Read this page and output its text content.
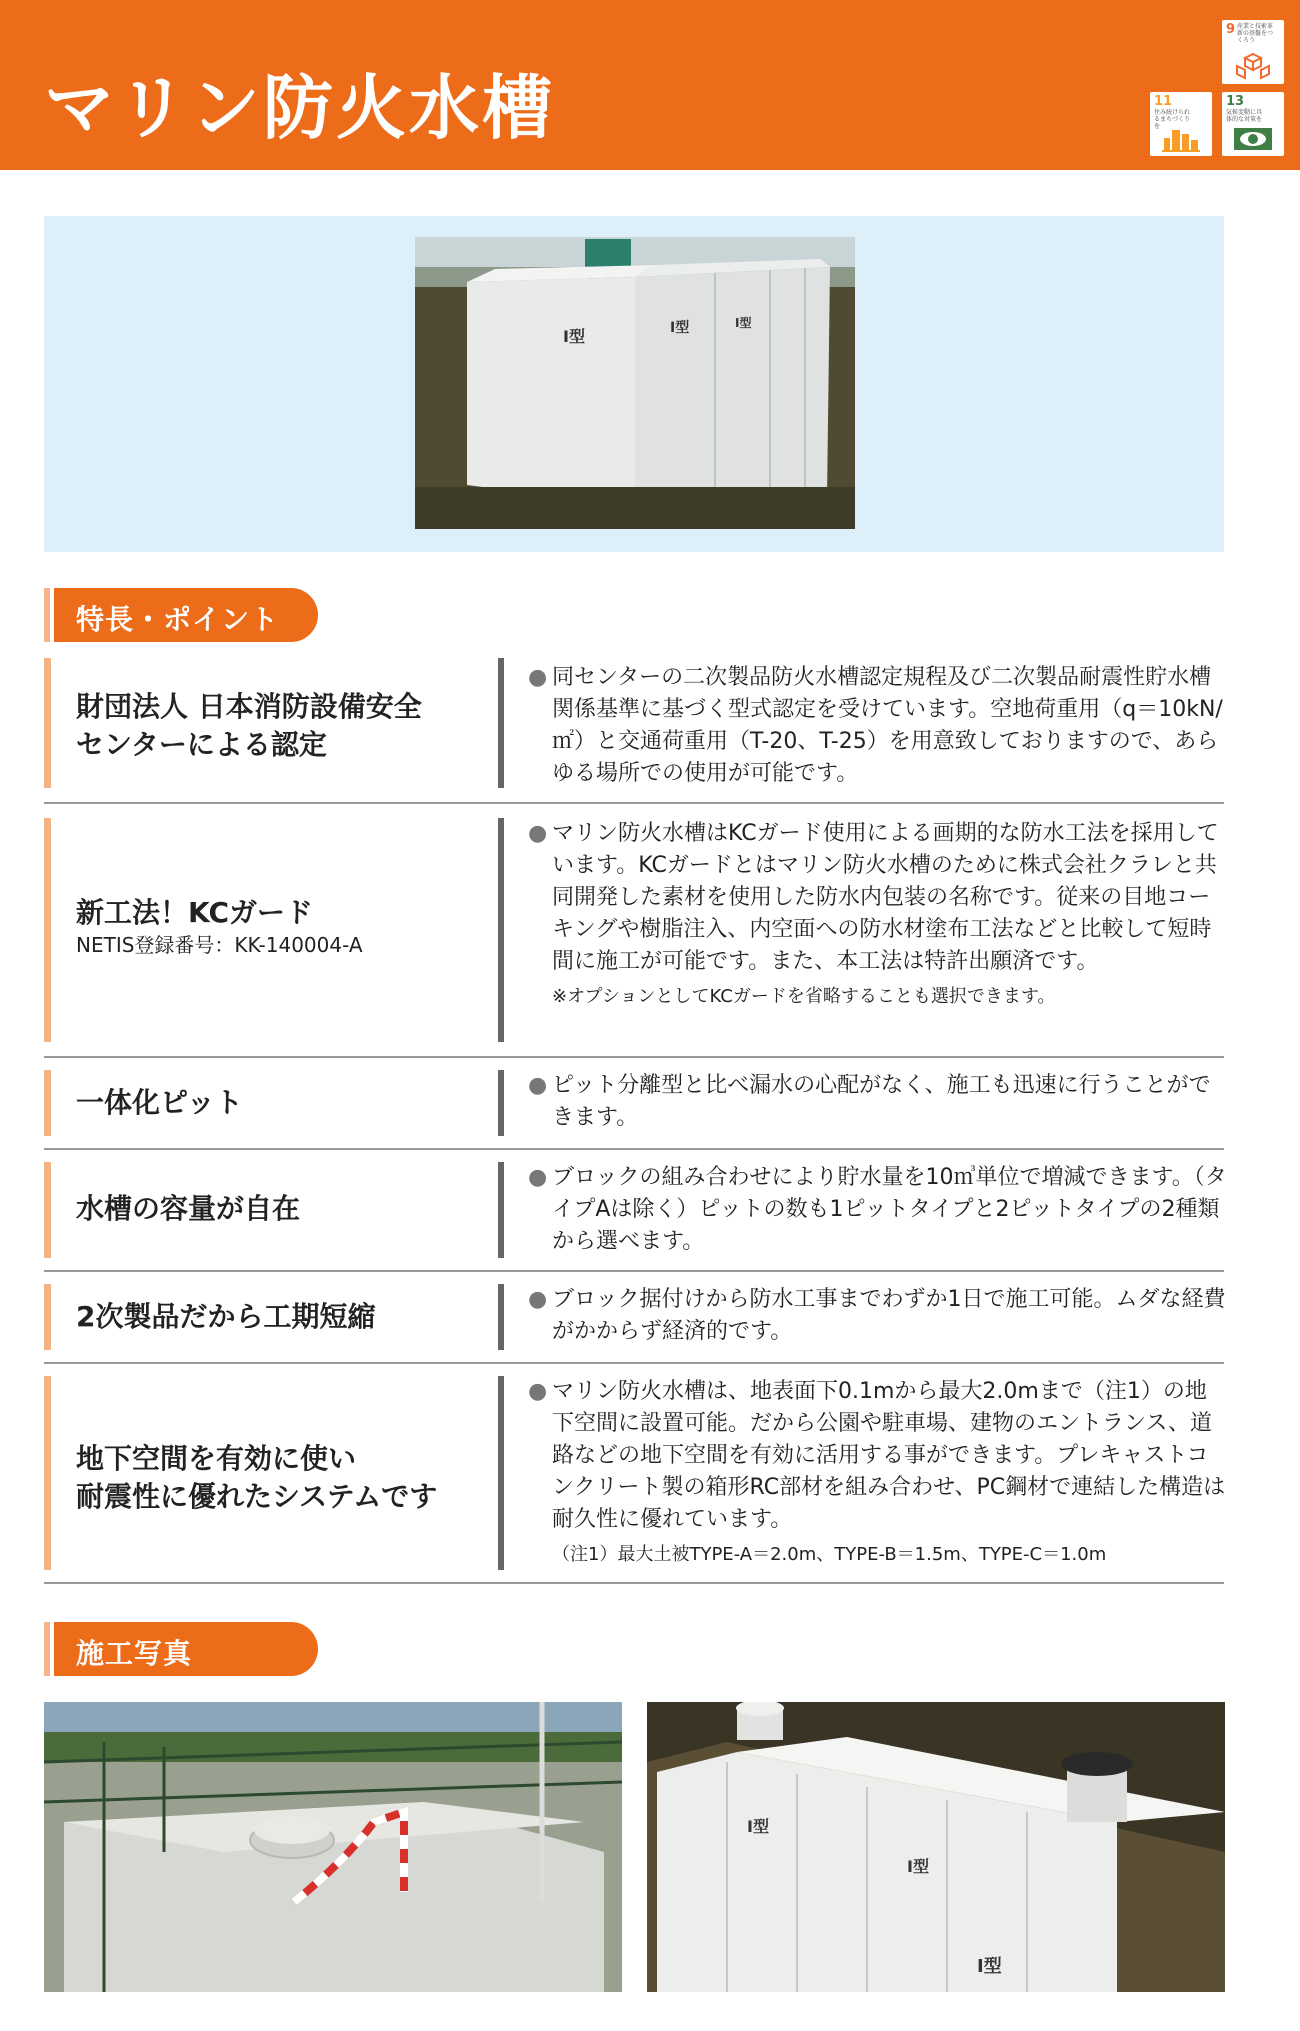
マリン防火水槽
9 産業と技術革新の基盤をつくろう
11住み続けられるまちづくりを
13気候変動に具体的な対策を
I型	I型	I型
特長・ポイント
財団法人 日本消防設備安全
センターによる認定
● 同センターの二次製品防火水槽認定規程及び二次製品耐震性貯水槽関係基準に基づく型式認定を受けています。空地荷重用（q＝10kN/㎡）と交通荷重用（T-20、T-25）を用意致しておりますので、あらゆる場所での使用が可能です。
新工法！KCガード
NETIS登録番号：KK-140004-A
● マリン防火水槽はKCガード使用による画期的な防水工法を採用しています。KCガードとはマリン防火水槽のために株式会社クラレと共同開発した素材を使用した防水内包装の名称です。従来の目地コーキングや樹脂注入、内空面への防水材塗布工法などと比較して短時間に施工が可能です。また、本工法は特許出願済です。
※オプションとしてKCガードを省略することも選択できます。
一体化ピット
● ピット分離型と比べ漏水の心配がなく、施工も迅速に行うことができます。
水槽の容量が自在
● ブロックの組み合わせにより貯水量を10㎥単位で増減できます。（タイプAは除く）ピットの数も1ピットタイプと2ピットタイプの2種類から選べます。
2次製品だから工期短縮
● ブロック据付けから防水工事までわずか1日で施工可能。ムダな経費がかからず経済的です。
地下空間を有効に使い
耐震性に優れたシステムです
● マリン防火水槽は、地表面下0.1mから最大2.0mまで（注1）の地下空間に設置可能。だから公園や駐車場、建物のエントランス、道路などの地下空間を有効に活用する事ができます。プレキャストコンクリート製の箱形RC部材を組み合わせ、PC鋼材で連結した構造は耐久性に優れています。
（注1）最大土被TYPE-A＝2.0m、TYPE-B＝1.5m、TYPE-C＝1.0m
施工写真
I型
I型
I型
